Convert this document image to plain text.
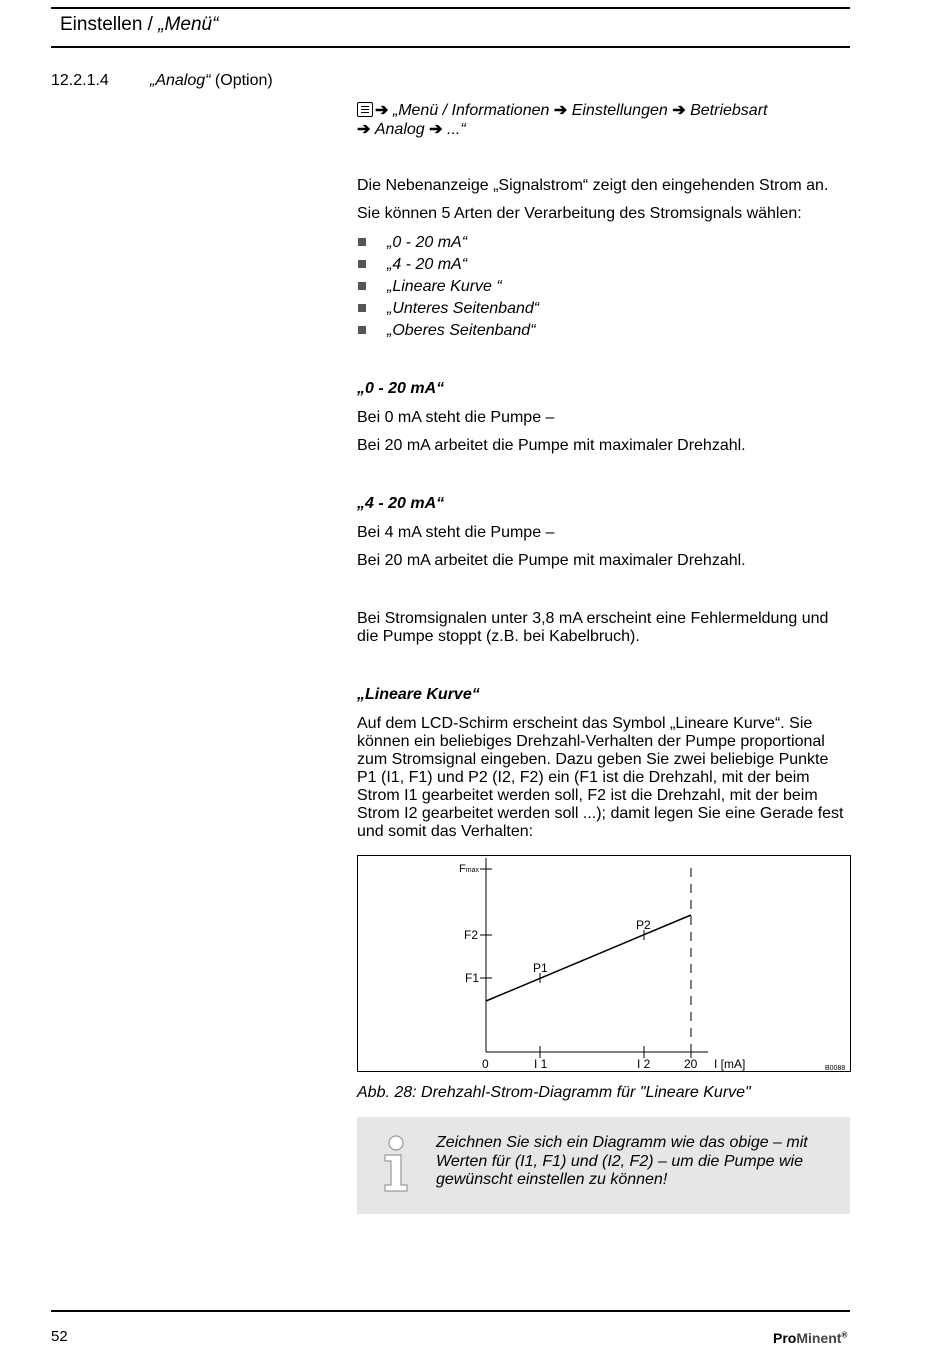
Einstellen / „Menü“
12.2.1.4	„Analog“ (Option)
➔ „Menü / Informationen ➔ Einstellungen ➔ Betriebsart
➔ Analog ➔ ...“
Die Nebenanzeige „Signalstrom“ zeigt den eingehenden Strom an.
Sie können 5 Arten der Verarbeitung des Stromsignals wählen:
„0 - 20 mA“
„4 - 20 mA“
„Lineare Kurve “
„Unteres Seitenband“
„Oberes Seitenband“
„0 - 20 mA“
Bei 0 mA steht die Pumpe –
Bei 20 mA arbeitet die Pumpe mit maximaler Drehzahl.
„4 - 20 mA“
Bei 4 mA steht die Pumpe –
Bei 20 mA arbeitet die Pumpe mit maximaler Drehzahl.
Bei Stromsignalen unter 3,8 mA erscheint eine Fehlermeldung und die Pumpe stoppt (z.B. bei Kabelbruch).
„Lineare Kurve“
Auf dem LCD-Schirm erscheint das Symbol „Lineare Kurve“. Sie können ein beliebiges Drehzahl-Verhalten der Pumpe proportional zum Stromsignal eingeben. Dazu geben Sie zwei beliebige Punkte P1 (I1, F1) und P2 (I2, F2) ein (F1 ist die Drehzahl, mit der beim Strom I1 gearbeitet werden soll, F2 ist die Drehzahl, mit der beim Strom I2 gearbeitet werden soll ...); damit legen Sie eine Gerade fest und somit das Verhalten:
Fmax
F2
F1
P1
P2
0	I 1	I 2	20 I [mA]	B0088
Abb. 28: Drehzahl-Strom-Diagramm für "Lineare Kurve"
Zeichnen Sie sich ein Diagramm wie das obige – mit Werten für (I1, F1) und (I2, F2) – um die Pumpe wie gewünscht einstellen zu können!
52	ProMinent®
